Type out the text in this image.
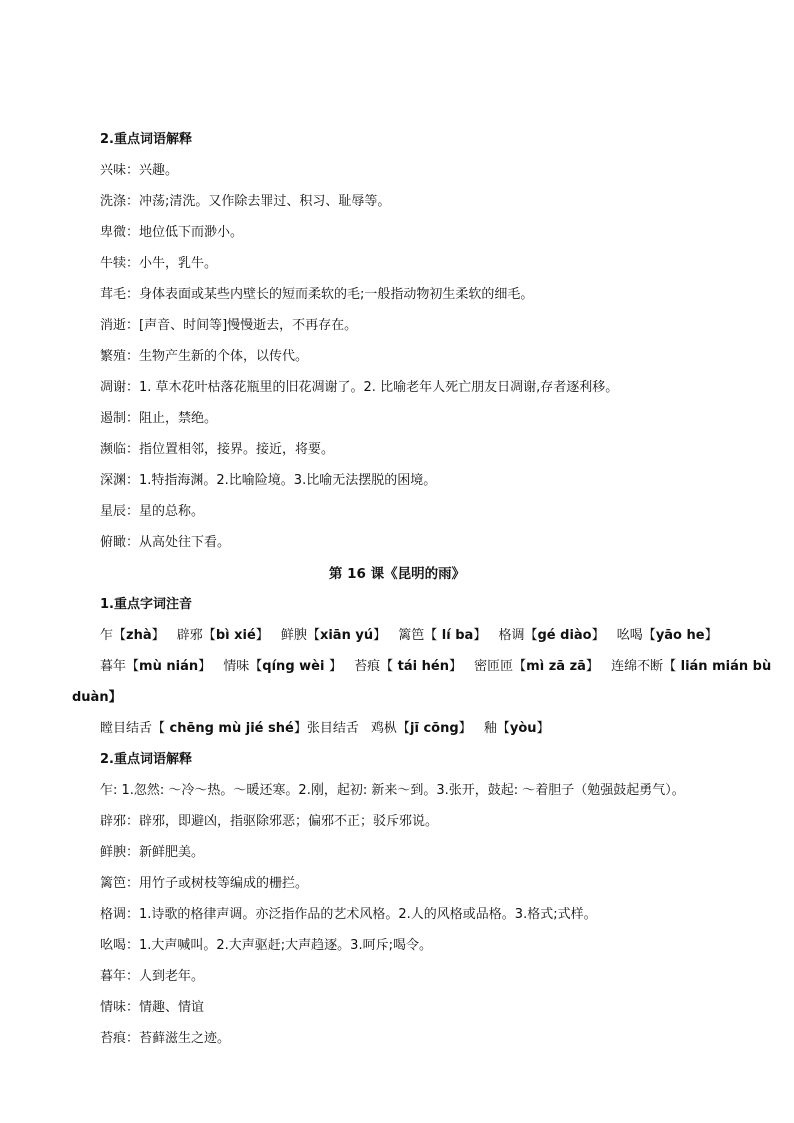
2.重点词语解释
兴味：兴趣。
洗涤：冲荡;清洗。又作除去罪过、积习、耻辱等。
卑微：地位低下而渺小。
牛犊：小牛，乳牛。
茸毛：身体表面或某些内壁长的短而柔软的毛;一般指动物初生柔软的细毛。
消逝：[声音、时间等]慢慢逝去，不再存在。
繁殖：生物产生新的个体，以传代。
凋谢：1. 草木花叶枯落花瓶里的旧花凋谢了。2. 比喻老年人死亡朋友日凋谢,存者逐利移。
遏制：阻止，禁绝。
濒临：指位置相邻，接界。接近，将要。
深渊：1.特指海渊。2.比喻险境。3.比喻无法摆脱的困境。
星辰：星的总称。
俯瞰：从高处往下看。
第 16 课《昆明的雨》
1.重点字词注音
乍【zhà】 辟邪【bì xié】 鲜腴【xiān yú】 篱笆【 lí ba】 格调【gé diào】 吆喝【yāo he】
暮年【mù nián】 情味【qíng wèi 】 苔痕【 tái hén】 密匝匝【mì zā zā】 连绵不断【 lián mián bù
duàn】
瞠目结舌【 chēng mù jié shé】张目结舌 鸡枞【jī cōng】 釉【yòu】
2.重点词语解释
乍: 1.忽然: ～冷～热。～暖还寒。2.刚，起初: 新来～到。3.张开，鼓起: ～着胆子（勉强鼓起勇气）。
辟邪：辟邪，即避凶，指驱除邪恶；偏邪不正；驳斥邪说。
鲜腴：新鲜肥美。
篱笆：用竹子或树枝等编成的栅拦。
格调：1.诗歌的格律声调。亦泛指作品的艺术风格。2.人的风格或品格。3.格式;式样。
吆喝：1.大声喊叫。2.大声驱赶;大声趋逐。3.呵斥;喝令。
暮年：人到老年。
情味：情趣、情谊
苔痕：苔藓滋生之迹。
